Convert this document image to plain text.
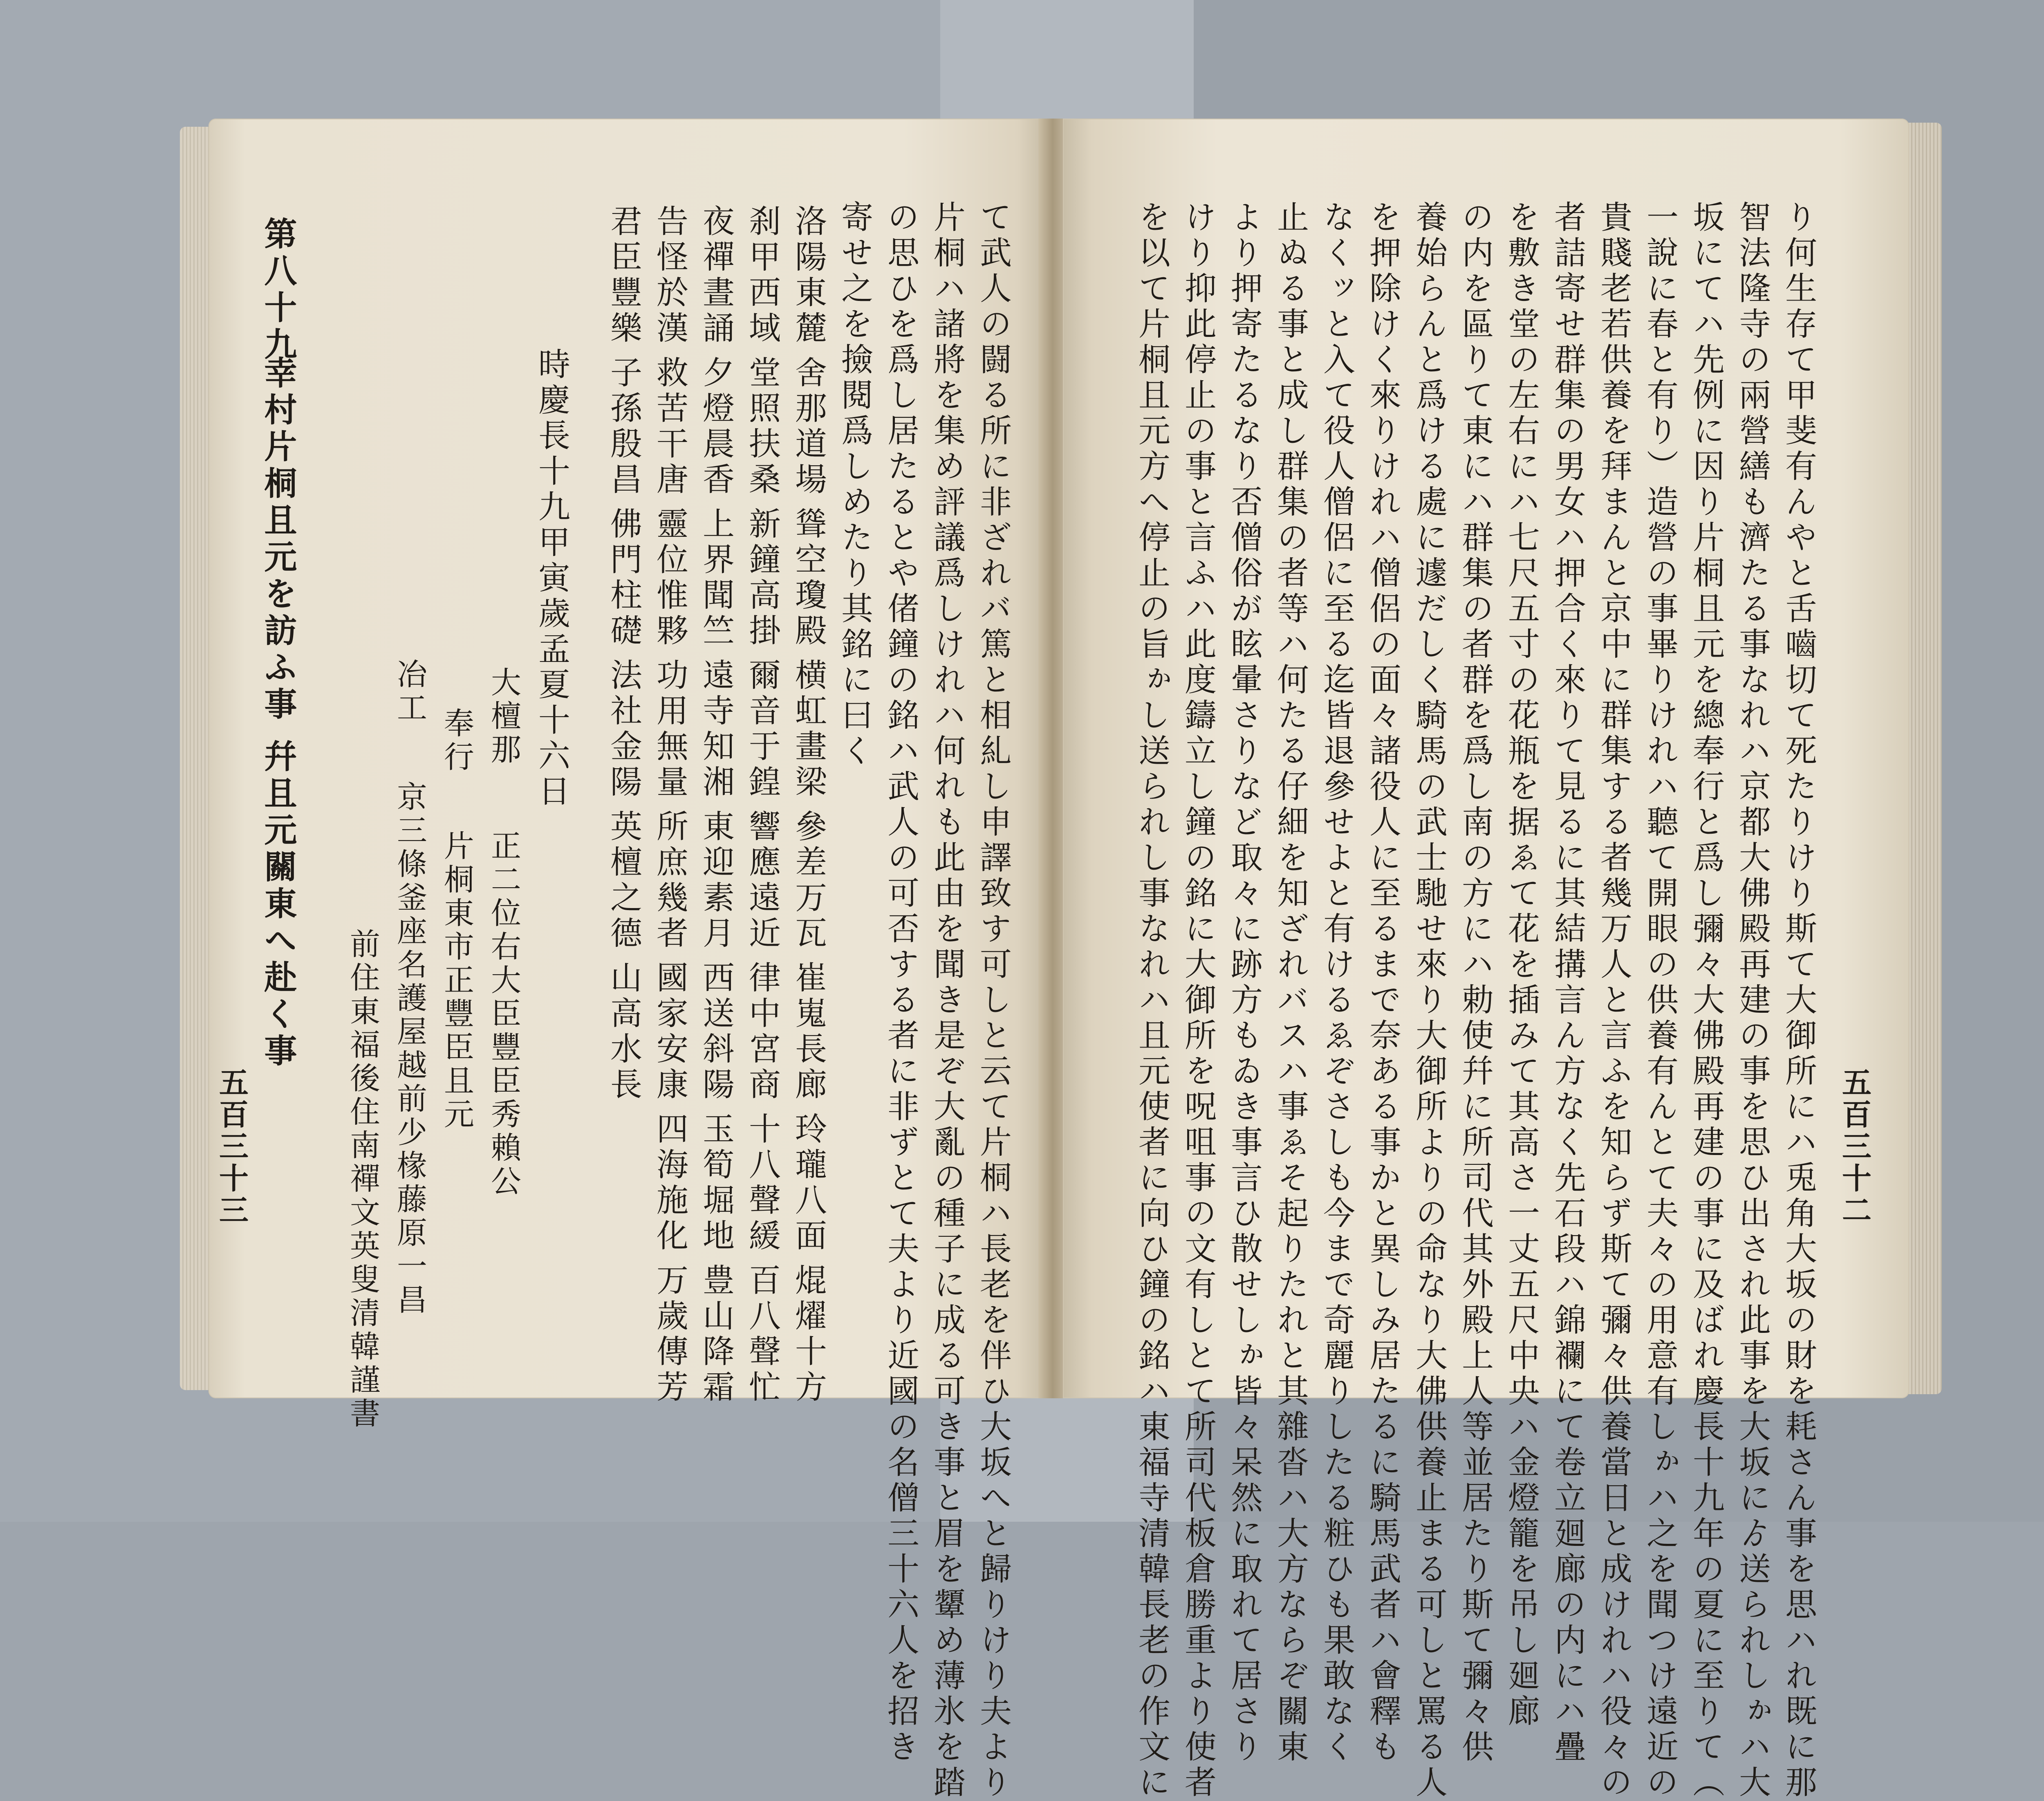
五百三十三
第八十九
幸村片桐且元を訪ふ事 幷且元關東へ赴く事
前住東福後住南禪文英叟清韓謹書 京三條釜座名護屋越前少椽藤原一昌
冶工
片桐東市正豐臣且元
奉行
正二位右大臣豐臣秀賴公
大檀那 時慶長十九甲寅歲孟夏十六日
洛陽東麓
舍那道場
聳空瓊殿
横虹畫梁
參差万瓦
崔嵬長廊
玲瓏八面
焜燿十方
刹甲西域
堂照扶桑
新鐘高掛
爾音于鍠
響應遠近
律中宮商
十八聲緩
百八聲忙
夜禪晝誦
夕燈晨香
上界聞竺
遠寺知湘
東迎素月
西送斜陽
玉筍堀地
豊山降霜
告怪於漢
救苦干唐
靈位惟夥
功用無量
所庶幾者
國家安康
四海施化
万歲傳芳
君臣豐樂
子孫殷昌
佛門柱礎
法社金陽
英檀之德
山高水長	て武人の闘る所に非ざれバ篤と相糺し申譯致す可しと云て片桐ハ長老を伴ひ大坂へと歸りけり夫より
片桐ハ諸將を集め評議爲しけれハ何れも此由を聞き是ぞ大亂の種子に成る可き事と眉を顰め薄氷を踏
の思ひを爲し居たるとや偖鐘の銘ハ武人の可否する者に非ずとて夫より近國の名僧三十六人を招き
寄せ之を撿閱爲しめたり其銘に曰く
五百三十二
り何生存て甲斐有んやと舌嚙切て死たりけり斯て大御所にハ兎角大坂の財を耗さん事を思ハれ既に那
智法隆寺の兩營繕も濟たる事なれハ京都大佛殿再建の事を思ひ出され此事を大坂にゟ送られしゕハ大
坂にてハ先例に因り片桐且元を總奉行と爲し彌々大佛殿再建の事に及ばれ慶長十九年の夏に至りて（
一說に春と有り）造營の事畢りけれハ聽て開眼の供養有んとて夫々の用意有しゕハ之を聞つけ遠近の
貴賤老若供養を拜まんと京中に群集する者幾万人と言ふを知らず斯て彌々供養當日と成けれハ役々の
者詰寄せ群集の男女ハ押合く來りて見るに其結搆言ん方なく先石段ハ錦襴にて卷立廻廊の内にハ疊
を敷き堂の左右にハ七尺五寸の花瓶を据ゑて花を插みて其高さ一丈五尺中央ハ金燈籠を吊し廻廊
の内を區りて東にハ群集の者群を爲し南の方にハ勅使幷に所司代其外殿上人等並居たり斯て彌々供
養始らんと爲ける處に遽だしく騎馬の武士馳せ來り大御所よりの命なり大佛供養止まる可しと罵る人
を押除けく來りけれハ僧侶の面々諸役人に至るまで奈ある事かと異しみ居たるに騎馬武者ハ會釋も
なくッと入て役人僧侶に至る迄皆退參せよと有けるゑぞさしも今まで奇麗りしたる粧ひも果敢なく
止ぬる事と成し群集の者等ハ何たる仔細を知ざれバスハ事ゑそ起りたれと其雜沓ハ大方ならぞ關東
より押寄たるなり否僧俗が眩暈さりなど取々に跡方もゐき事言ひ散せしゕ皆々呆然に取れて居さり
けり抑此停止の事と言ふハ此度鑄立し鐘の銘に大御所を呪咀事の文有しとて所司代板倉勝重より使者
を以て片桐且元方へ停止の旨ゕし送られし事なれハ且元使者に向ひ鐘の銘ハ東福寺清韓長老の作文に
